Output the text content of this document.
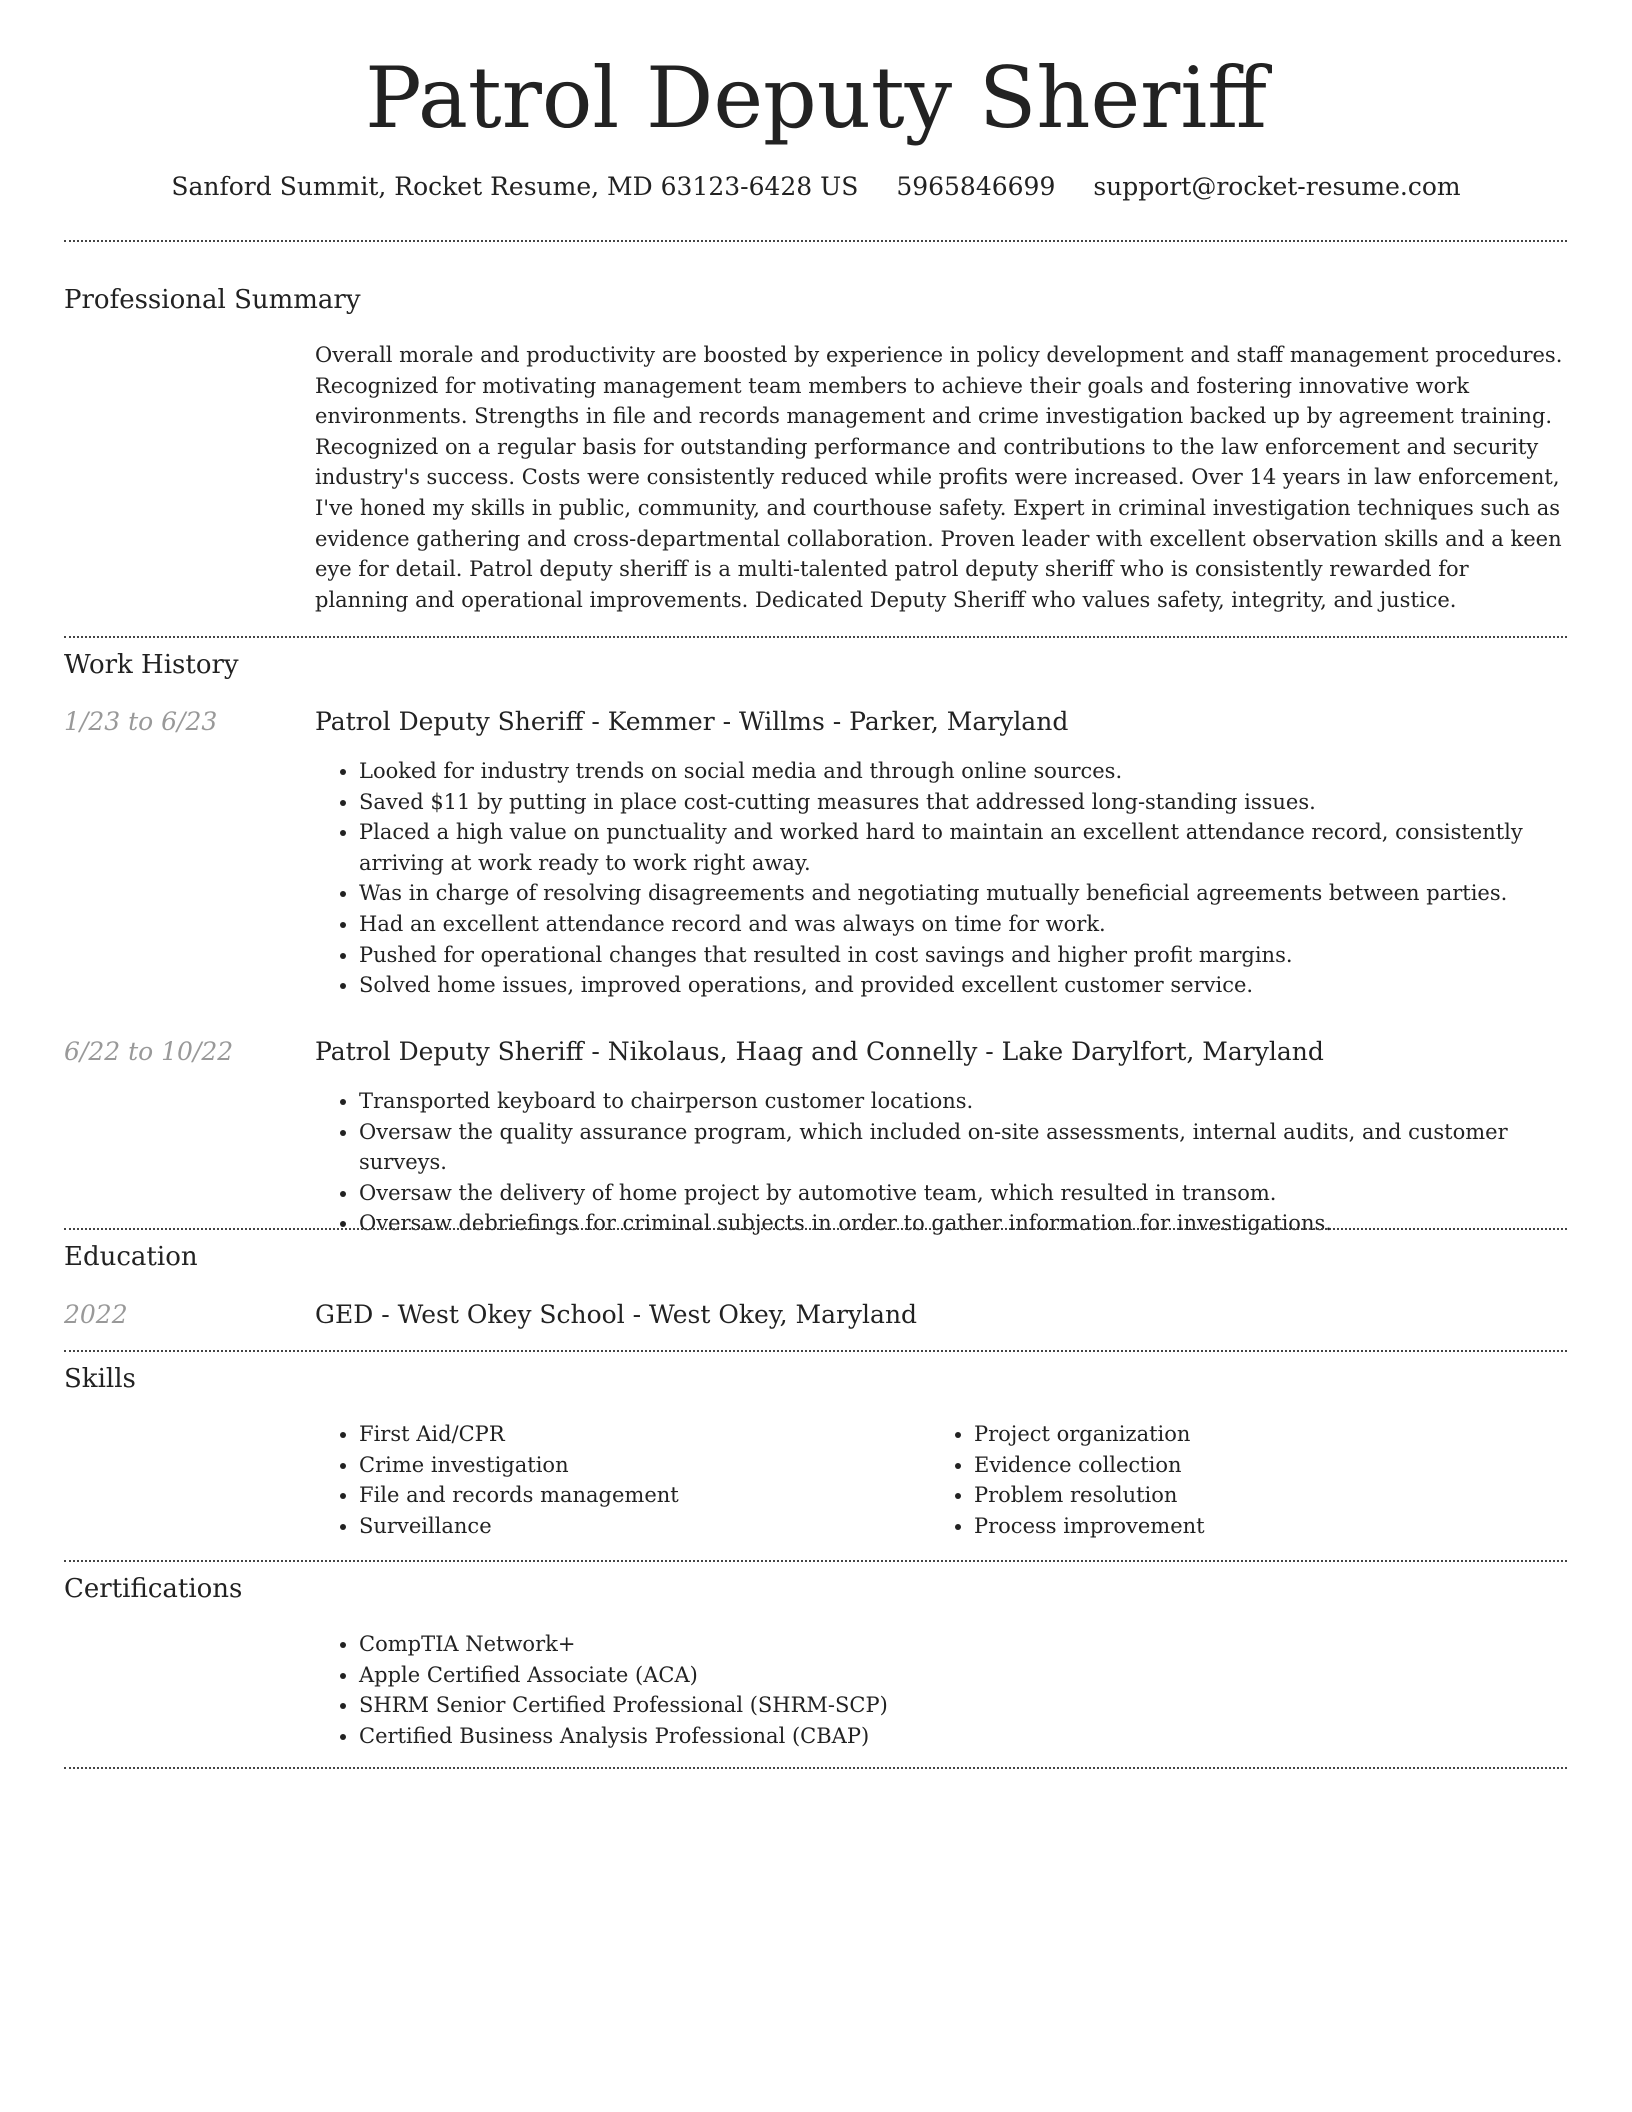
Patrol Deputy Sheriff
Sanford Summit, Rocket Resume, MD 63123-6428 US 5965846699 support@rocket-resume.com
Professional Summary
Overall morale and productivity are boosted by experience in policy development and staff management procedures. Recognized for motivating management team members to achieve their goals and fostering innovative work environments. Strengths in file and records management and crime investigation backed up by agreement training. Recognized on a regular basis for outstanding performance and contributions to the law enforcement and security industry's success. Costs were consistently reduced while profits were increased. Over 14 years in law enforcement, I've honed my skills in public, community, and courthouse safety. Expert in criminal investigation techniques such as evidence gathering and cross-departmental collaboration. Proven leader with excellent observation skills and a keen eye for detail. Patrol deputy sheriff is a multi-talented patrol deputy sheriff who is consistently rewarded for planning and operational improvements. Dedicated Deputy Sheriff who values safety, integrity, and justice.
Work History
1/23 to 6/23	Patrol Deputy Sheriff - Kemmer - Willms - Parker, Maryland
• Looked for industry trends on social media and through online sources.
• Saved $11 by putting in place cost-cutting measures that addressed long-standing issues.
• Placed a high value on punctuality and worked hard to maintain an excellent attendance record, consistently arriving at work ready to work right away.
• Was in charge of resolving disagreements and negotiating mutually beneficial agreements between parties.
• Had an excellent attendance record and was always on time for work.
• Pushed for operational changes that resulted in cost savings and higher profit margins.
• Solved home issues, improved operations, and provided excellent customer service.
6/22 to 10/22	Patrol Deputy Sheriff - Nikolaus, Haag and Connelly - Lake Darylfort, Maryland
• Transported keyboard to chairperson customer locations.
• Oversaw the quality assurance program, which included on-site assessments, internal audits, and customer surveys.
• Oversaw the delivery of home project by automotive team, which resulted in transom.
• Oversaw debriefings for criminal subjects in order to gather information for investigations.
Education
2022	GED - West Okey School - West Okey, Maryland
Skills
• First Aid/CPR
• Crime investigation
• File and records management
• Surveillance
• Project organization
• Evidence collection
• Problem resolution
• Process improvement
Certifications
• CompTIA Network+
• Apple Certified Associate (ACA)
• SHRM Senior Certified Professional (SHRM-SCP)
• Certified Business Analysis Professional (CBAP)
